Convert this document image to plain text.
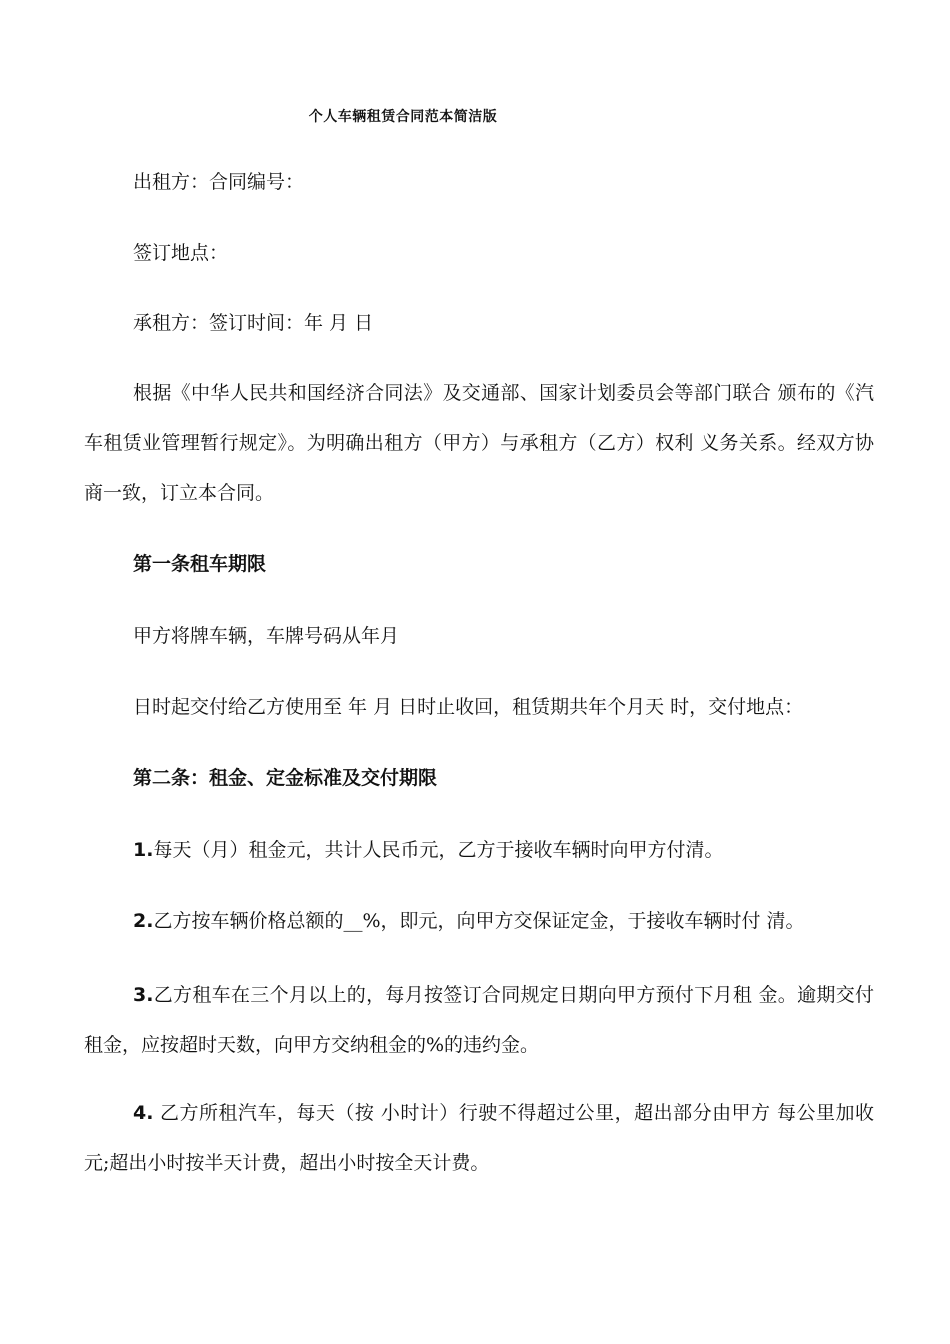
个人车辆租赁合同范本简洁版
出租方：合同编号：
签订地点：
承租方：签订时间：年 月 日
根据《中华人民共和国经济合同法》及交通部、国家计划委员会等部门联合 颁布的《汽车租赁业管理暂行规定》。为明确出租方（甲方）与承租方（乙方）权利 义务关系。经双方协商一致，订立本合同。
第一条租车期限
甲方将牌车辆，车牌号码从年月
日时起交付给乙方使用至 年 月 日时止收回，租赁期共年个月天 时，交付地点：
第二条：租金、定金标准及交付期限
1.每天（月）租金元，共计人民币元，乙方于接收车辆时向甲方付清。
2.乙方按车辆价格总额的__%，即元，向甲方交保证定金，于接收车辆时付 清。
3.乙方租车在三个月以上的，每月按签订合同规定日期向甲方预付下月租 金。逾期交付租金，应按超时天数，向甲方交纳租金的%的违约金。
4. 乙方所租汽车，每天（按 小时计）行驶不得超过公里，超出部分由甲方 每公里加收元;超出小时按半天计费，超出小时按全天计费。
